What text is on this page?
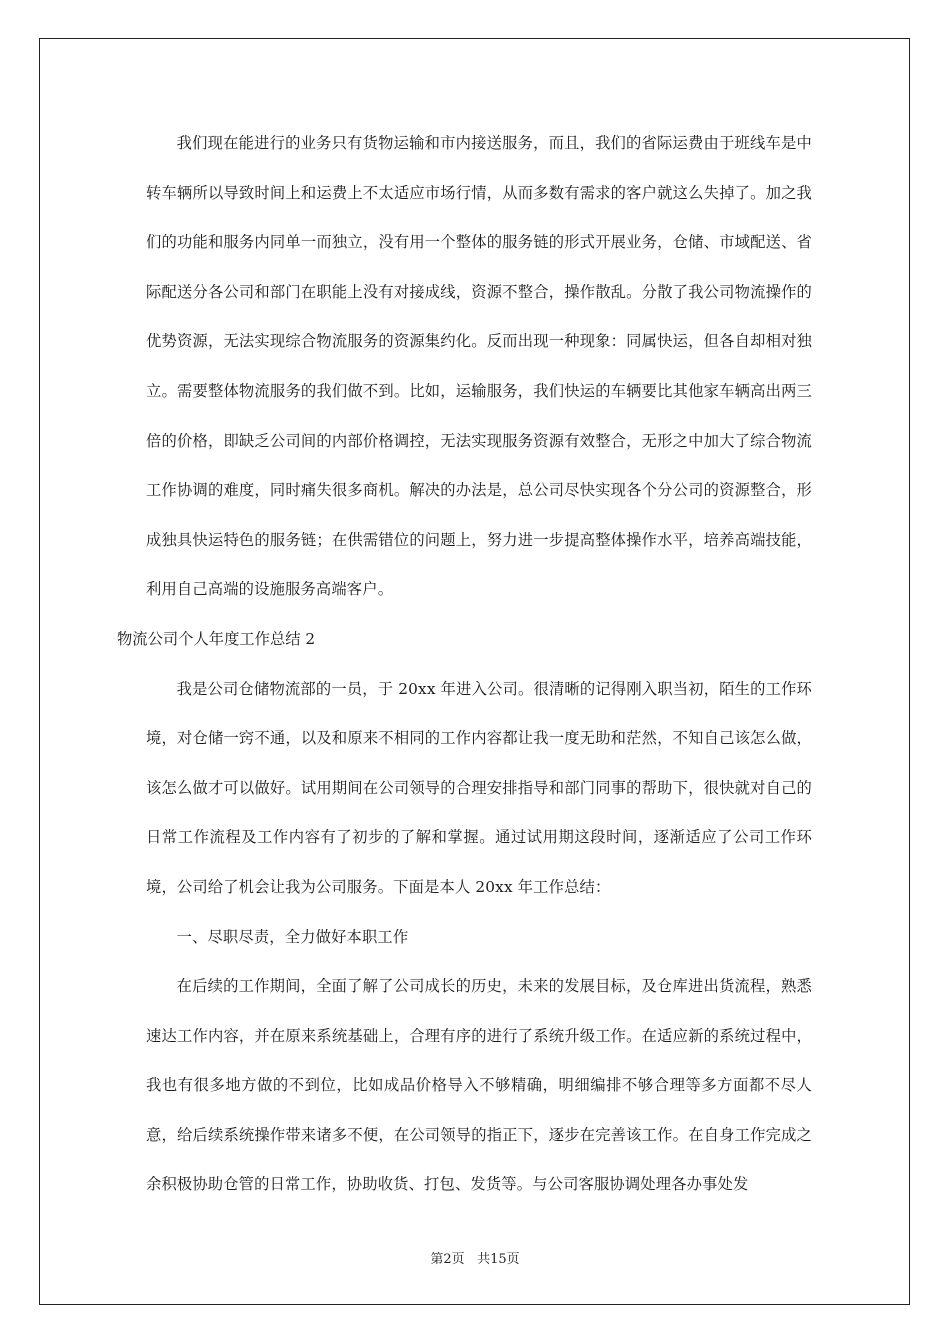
我们现在能进行的业务只有货物运输和市内接送服务，而且，我们的省际运费由于班线车是中转车辆所以导致时间上和运费上不太适应市场行情，从而多数有需求的客户就这么失掉了。加之我们的功能和服务内同单一而独立，没有用一个整体的服务链的形式开展业务，仓储、市域配送、省际配送分各公司和部门在职能上没有对接成线，资源不整合，操作散乱。分散了我公司物流操作的优势资源，无法实现综合物流服务的资源集约化。反而出现一种现象：同属快运，但各自却相对独立。需要整体物流服务的我们做不到。比如，运输服务，我们快运的车辆要比其他家车辆高出两三倍的价格，即缺乏公司间的内部价格调控，无法实现服务资源有效整合，无形之中加大了综合物流工作协调的难度，同时痛失很多商机。解决的办法是，总公司尽快实现各个分公司的资源整合，形成独具快运特色的服务链；在供需错位的问题上，努力进一步提高整体操作水平，培养高端技能，利用自己高端的设施服务高端客户。

物流公司个人年度工作总结 2

我是公司仓储物流部的一员，于 20xx 年进入公司。很清晰的记得刚入职当初，陌生的工作环境，对仓储一窍不通，以及和原来不相同的工作内容都让我一度无助和茫然，不知自己该怎么做，该怎么做才可以做好。试用期间在公司领导的合理安排指导和部门同事的帮助下，很快就对自己的日常工作流程及工作内容有了初步的了解和掌握。通过试用期这段时间，逐渐适应了公司工作环境，公司给了机会让我为公司服务。下面是本人 20xx 年工作总结：

一、尽职尽责，全力做好本职工作

在后续的工作期间，全面了解了公司成长的历史，未来的发展目标，及仓库进出货流程，熟悉速达工作内容，并在原来系统基础上，合理有序的进行了系统升级工作。在适应新的系统过程中，我也有很多地方做的不到位，比如成品价格导入不够精确，明细编排不够合理等多方面都不尽人意，给后续系统操作带来诸多不便，在公司领导的指正下，逐步在完善该工作。在自身工作完成之余积极协助仓管的日常工作，协助收货、打包、发货等。与公司客服协调处理各办事处发

第2页 共15页
